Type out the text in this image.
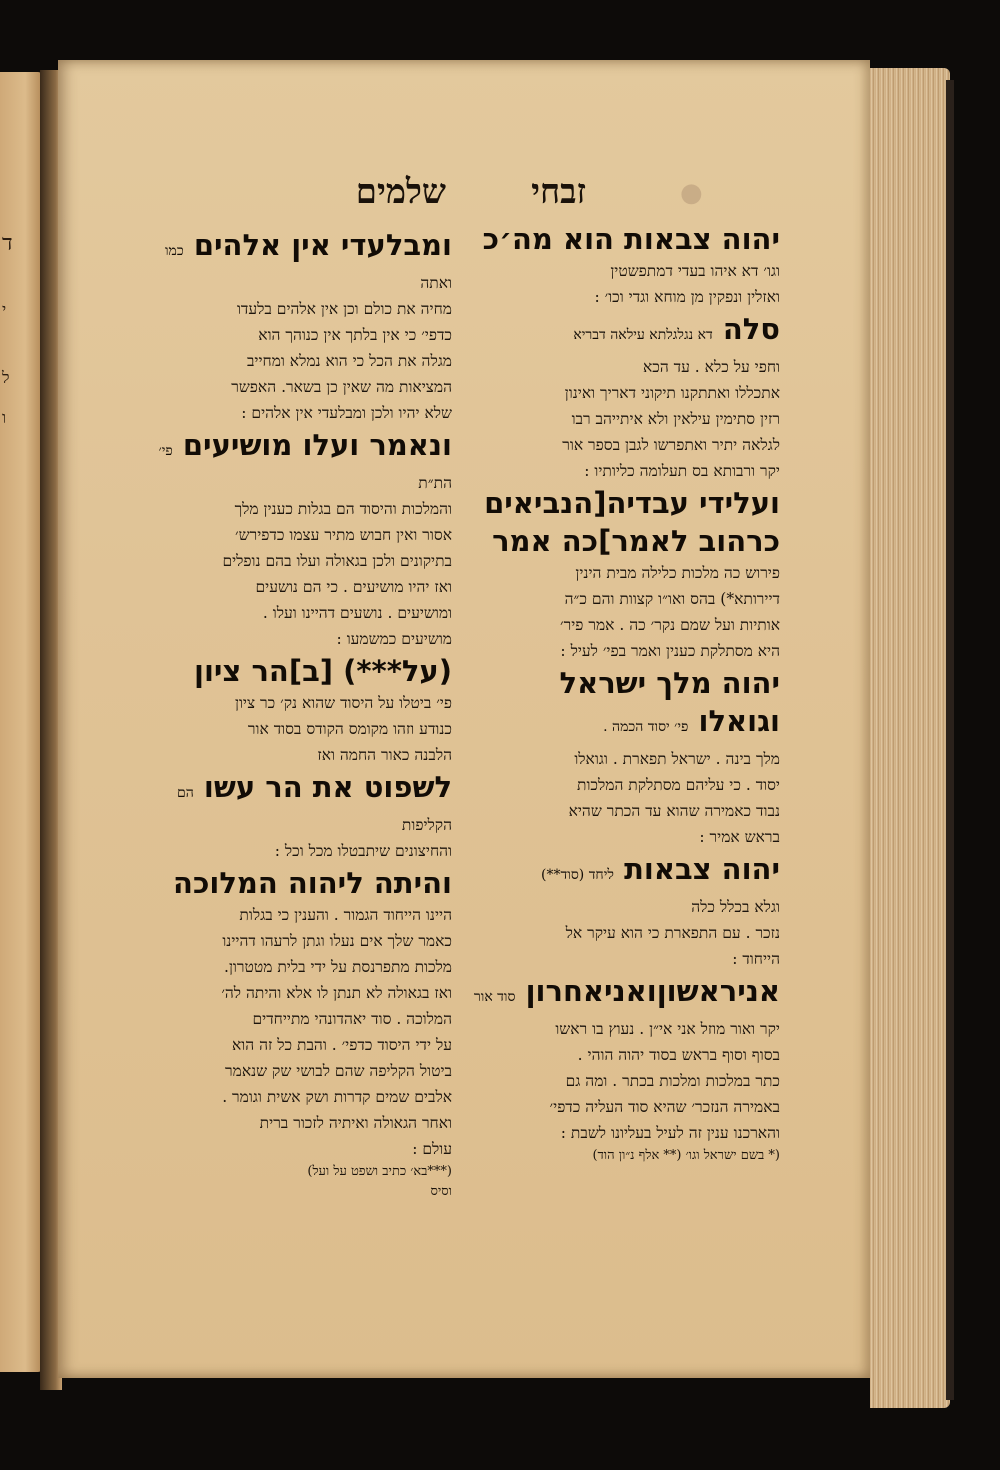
ד
י
ל
ו
זבחי
שלמים	●
יהוה צבאות הוא מה׳כ
וגו׳ דא איהו בעדי דמתפשטין
ואזלין ונפקין מן מוחא וגדי וכו׳ :
סלה דא נגלגלתא עילאה דבריא
וחפי על כלא . עד הכא
אתכללו ואתתקנו תיקוני דאריך ואינון
רזין סתימין עילאין ולא איתייהב רבו
לגלאה יתיר ואתפרשו לגבן בספר אור
יקר ורבותא בס תעלומה כליותיו :
ועלידי עבדיה[הנביאים
כרהוב לאמר]כה אמר
פירוש כה מלכות כלילה מבית הינין
דיירותא*) בהס ואו״ו קצוות והם כ״ה
אותיות ועל שמם נקר׳ כה . אמר פיר׳
היא מסתלקת כענין ואמר בפי׳ לעיל :
יהוה מלך ישראל
וגואלו פי׳ יסוד הכמה .
מלך בינה . ישראל תפארת . וגואלו
יסוד . כי עליהם מסתלקת המלכות
נבוד כאמירה שהוא עד הכתר שהיא
בראש אמיר :
יהוה צבאות ליחד (סוד**)
וגלא בכלל כלה
נזכר . עם התפארת כי הוא עיקר אל
הייחוד :
אניראשוןואניאחרון סוד אור
יקר ואור מוזל אני אי״ן . נעוץ בו ראשו
בסוף וסוף בראש בסוד יהוה הוהי .
כתר במלכות ומלכות בכתר . ומה גם
באמירה הנזכר׳ שהיא סוד העליה כדפי׳
והארכנו ענין זה לעיל בעליונו לשבת :
(* בשם ישראל וגו׳ (** אלף נ״ון הוד)
ומבלעדי אין אלהים כמו
ואתה
מחיה את כולם וכן אין אלהים בלעדו
כדפי׳ כי אין בלתך אין כנוהך הוא
מגלה את הכל כי הוא נמלא ומחייב
המציאות מה שאין כן בשאר. האפשר
שלא יהיו ולכן ומבלעדי אין אלהים :
ונאמר ועלו מושיעים פי׳
הת״ת
והמלכות והיסוד הם בגלות כענין מלך
אסור ואין חבוש מתיר עצמו כדפירש׳
בתיקונים ולכן בגאולה ועלו בהם נופלים
ואז יהיו מושיעים . כי הם נושעים
ומושיעים . נושעים דהיינו ועלו .
מושיעים כמשמעו :
(על***) [ב]הר ציון
פי׳ ביטלו על היסוד שהוא נק׳ כר ציון
כנודע וזהו מקומס הקודס בסוד אור
הלבנה כאור החמה ואז
לשפוט את הר עשו הם
הקליפות
והחיצונים שיתבטלו מכל וכל :
והיתה ליהוה המלוכה
היינו הייחוד הגמור . והענין כי בגלות
כאמר שלך אים נעלו וגתן לרעהו דהיינו
מלכות מתפרנסת על ידי בלית מטטרון.
ואז בגאולה לא תנתן לו אלא והיתה לה׳
המלוכה . סוד יאהדונהי מתייחדים
על ידי היסוד כדפי׳ . והבת כל זה הוא
ביטול הקליפה שהם לבושי שק שנאמר
אלבים שמים קדרות ושק אשית וגומר .
ואחר הגאולה ואיתיה לזכור ברית
עולם :
(***בא׳ כתיב ושפט על ועל)
וסיס
